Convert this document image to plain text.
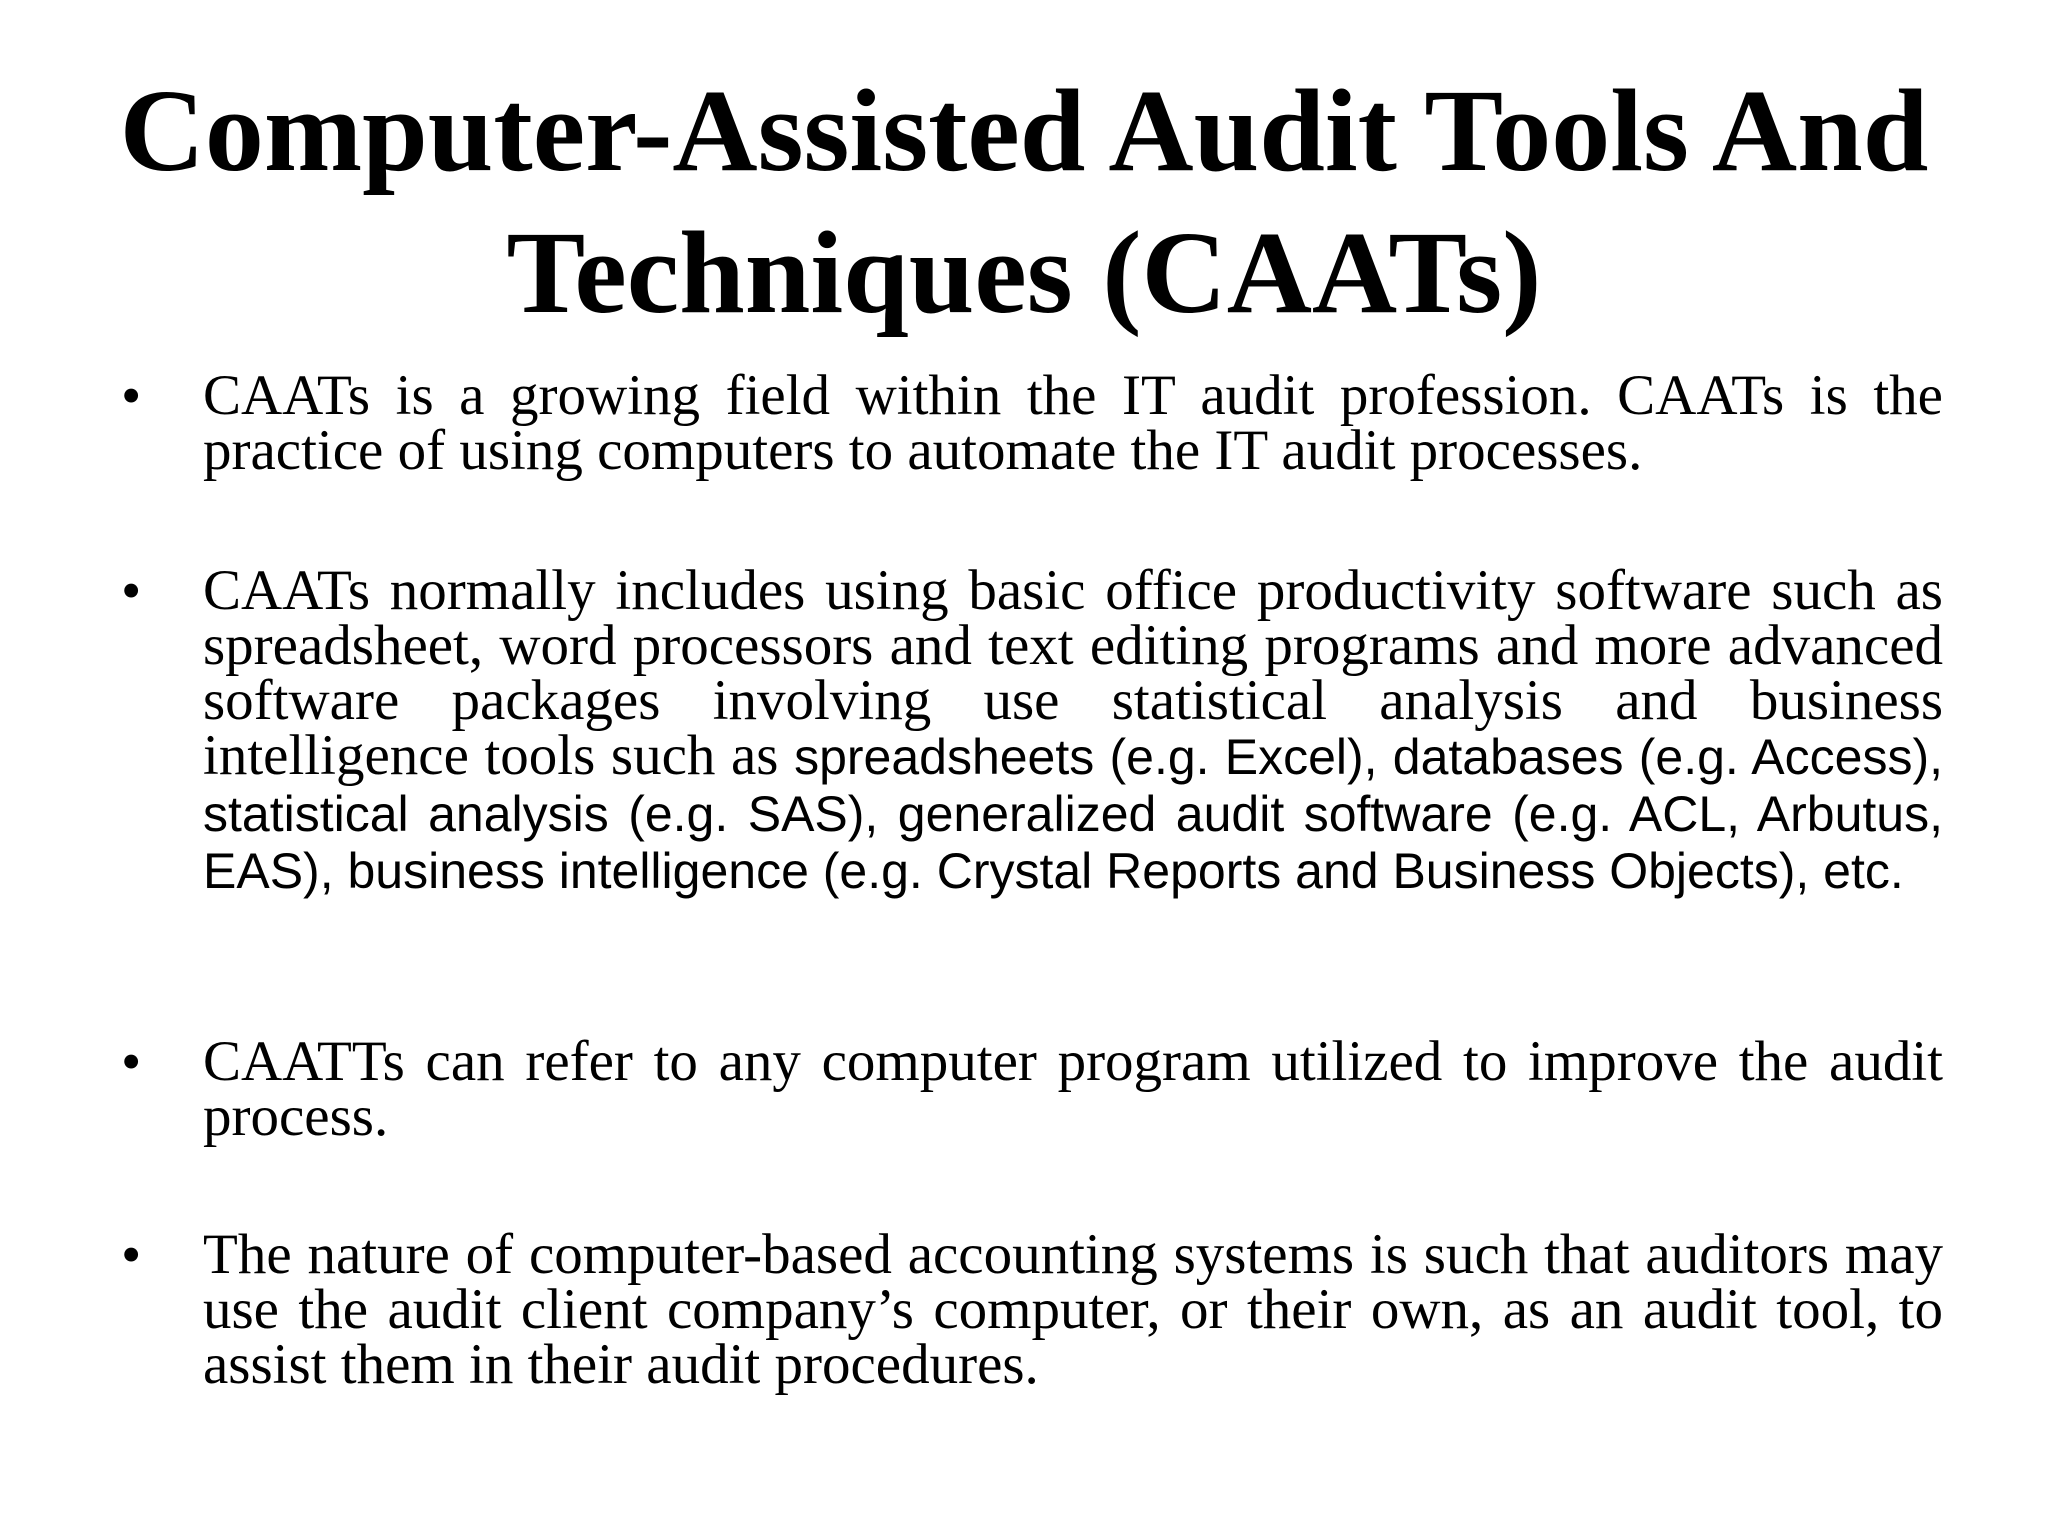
Computer-Assisted Audit Tools And
Techniques (CAATs)
• CAATs is a growing field within the IT audit profession. CAATs is the practice of using computers to automate the IT audit processes.
• CAATs normally includes using basic office productivity software such as spreadsheet, word processors and text editing programs and more advanced software packages involving use statistical analysis and business intelligence tools such as spreadsheets (e.g. Excel), databases (e.g. Access), statistical analysis (e.g. SAS), generalized audit software (e.g. ACL, Arbutus, EAS), business intelligence (e.g. Crystal Reports and Business Objects), etc.
• CAATTs can refer to any computer program utilized to improve the audit process.
• The nature of computer-based accounting systems is such that auditors may use the audit client company’s computer, or their own, as an audit tool, to assist them in their audit procedures.
